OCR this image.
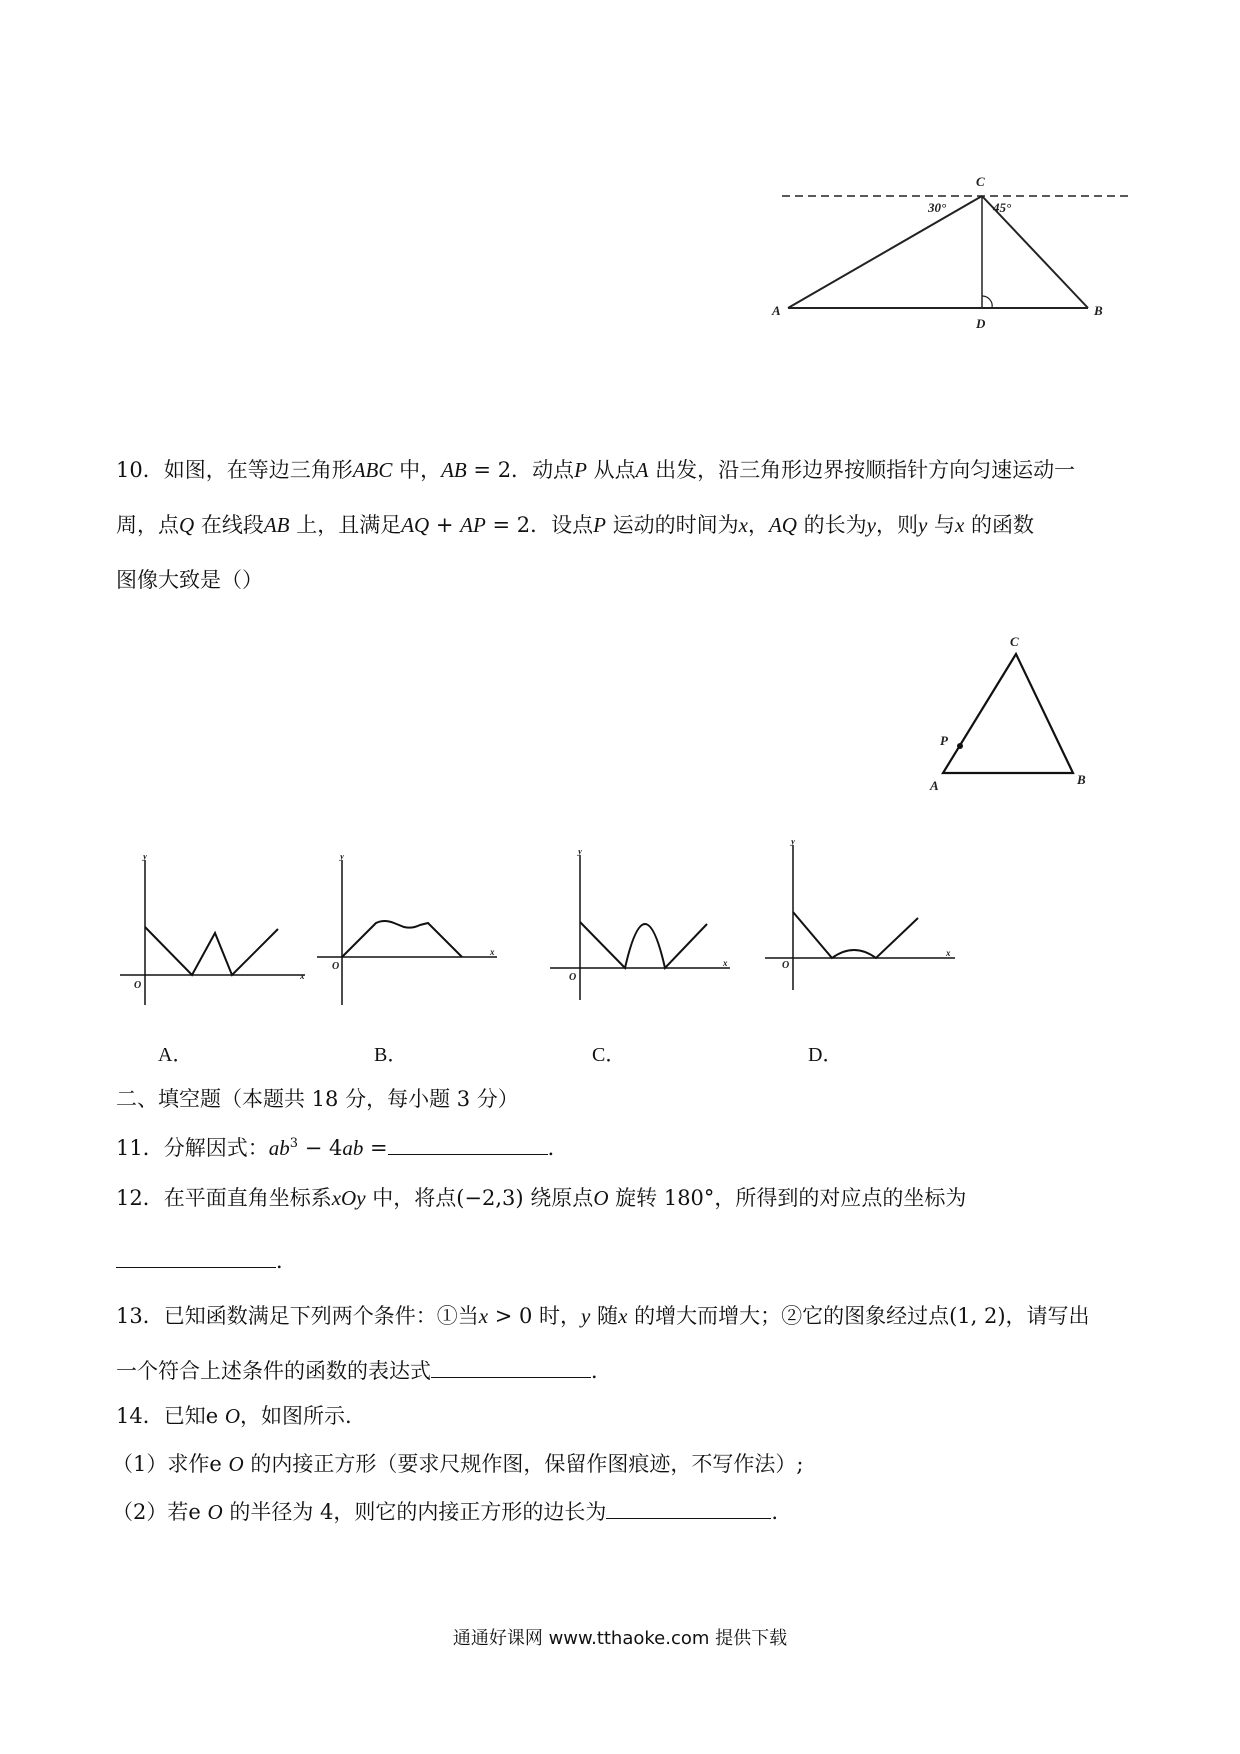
C
A	B
D
30°	45°
10．如图，在等边三角形ABC 中，AB = 2．动点P 从点A 出发，沿三角形边界按顺指针方向匀速运动一
周，点Q 在线段AB 上，且满足AQ + AP = 2．设点P 运动的时间为x，AQ 的长为y，则y 与x 的函数
图像大致是（）
C
P
A	B
y
x
O
y
x
O
y
x
O
y
x
O
A．	B．	C．	D．
二、填空题（本题共 18 分，每小题 3 分）
11．分解因式：$ab^3 - 4ab$ =	．
12．在平面直角坐标系xOy 中，将点(−2,3) 绕原点O 旋转 180°，所得到的对应点的坐标为
．
13．已知函数满足下列两个条件：①当x > 0 时，y 随x 的增大而增大；②它的图象经过点(1, 2)，请写出
一个符合上述条件的函数的表达式	．
14．已知e O，如图所示.
（1）求作e O 的内接正方形（要求尺规作图，保留作图痕迹，不写作法）;
（2）若e O 的半径为 4，则它的内接正方形的边长为	.
通通好课网 www.tthaoke.com 提供下载
